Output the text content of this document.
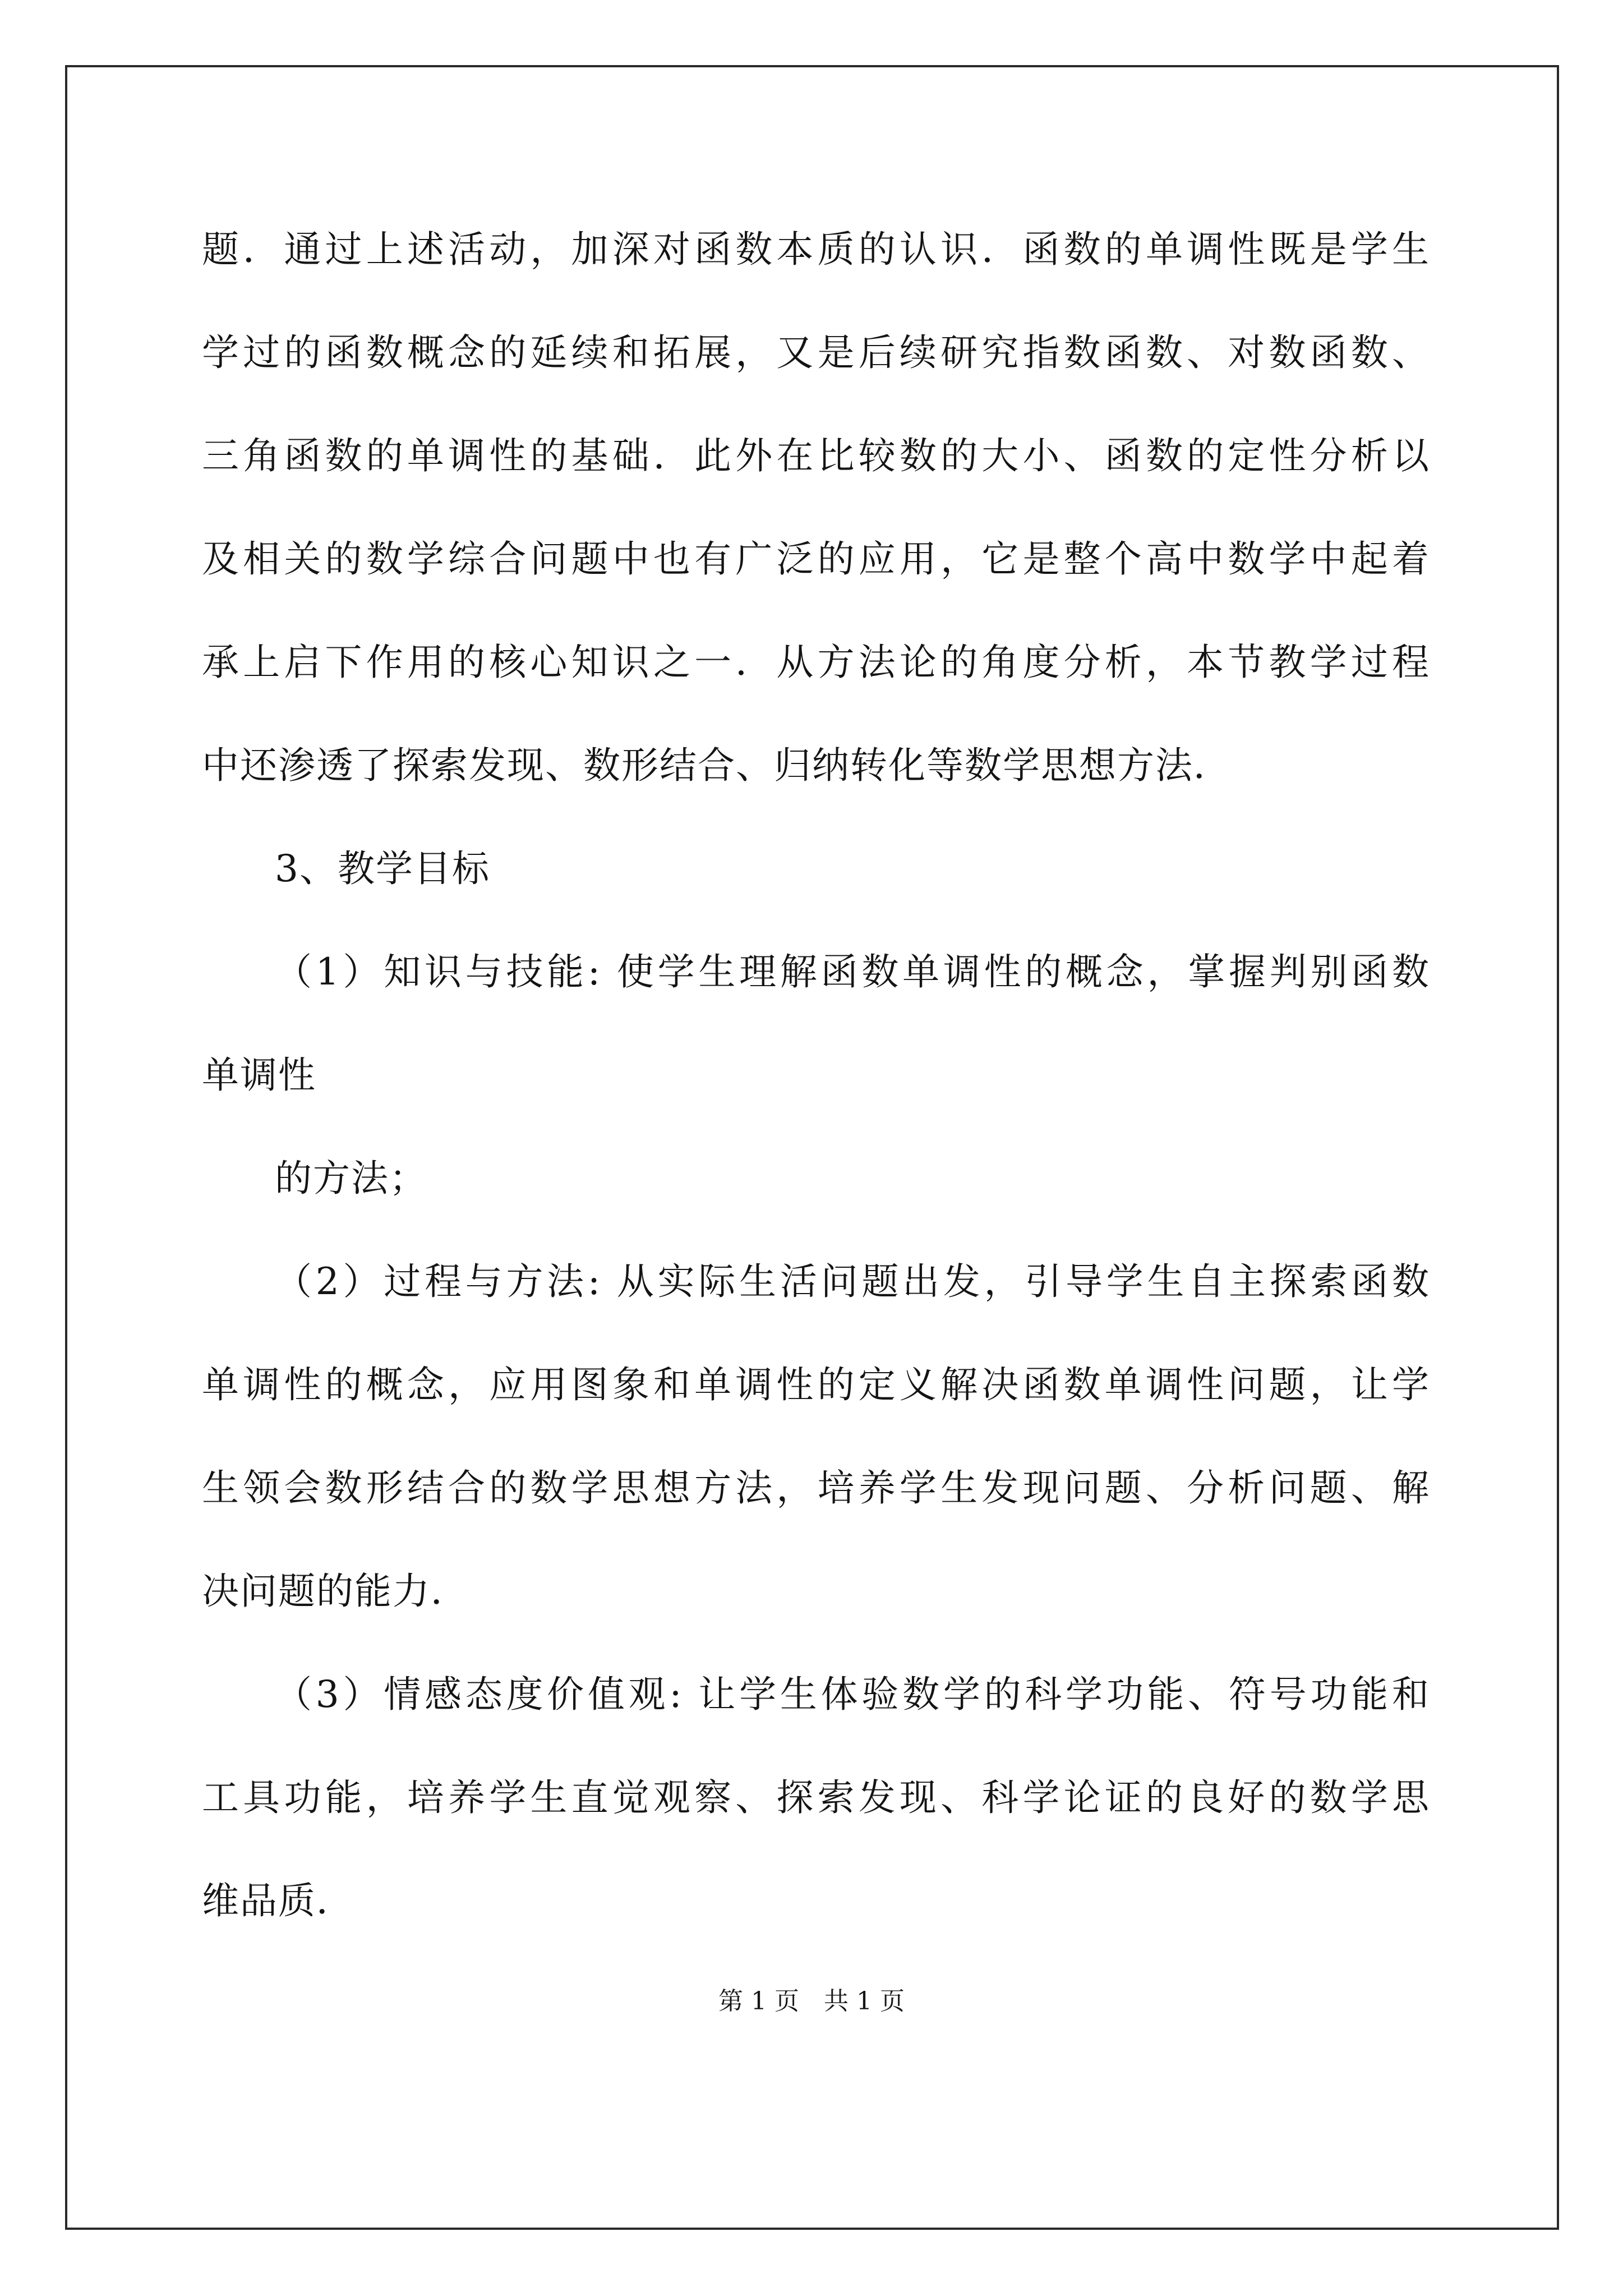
题．通过上述活动，加深对函数本质的认识．函数的单调性既是学生

学过的函数概念的延续和拓展，又是后续研究指数函数、对数函数、

三角函数的单调性的基础．此外在比较数的大小、函数的定性分析以

及相关的数学综合问题中也有广泛的应用，它是整个高中数学中起着

承上启下作用的核心知识之一．从方法论的角度分析，本节教学过程

中还渗透了探索发现、数形结合、归纳转化等数学思想方法．

3、教学目标

（1）知识与技能: 使学生理解函数单调性的概念，掌握判别函数

单调性

的方法；

（2）过程与方法: 从实际生活问题出发，引导学生自主探索函数

单调性的概念，应用图象和单调性的定义解决函数单调性问题，让学

生领会数形结合的数学思想方法，培养学生发现问题、分析问题、解

决问题的能力．

（3）情感态度价值观: 让学生体验数学的科学功能、符号功能和

工具功能，培养学生直觉观察、探索发现、科学论证的良好的数学思

维品质．

第 1 页　共 1 页
